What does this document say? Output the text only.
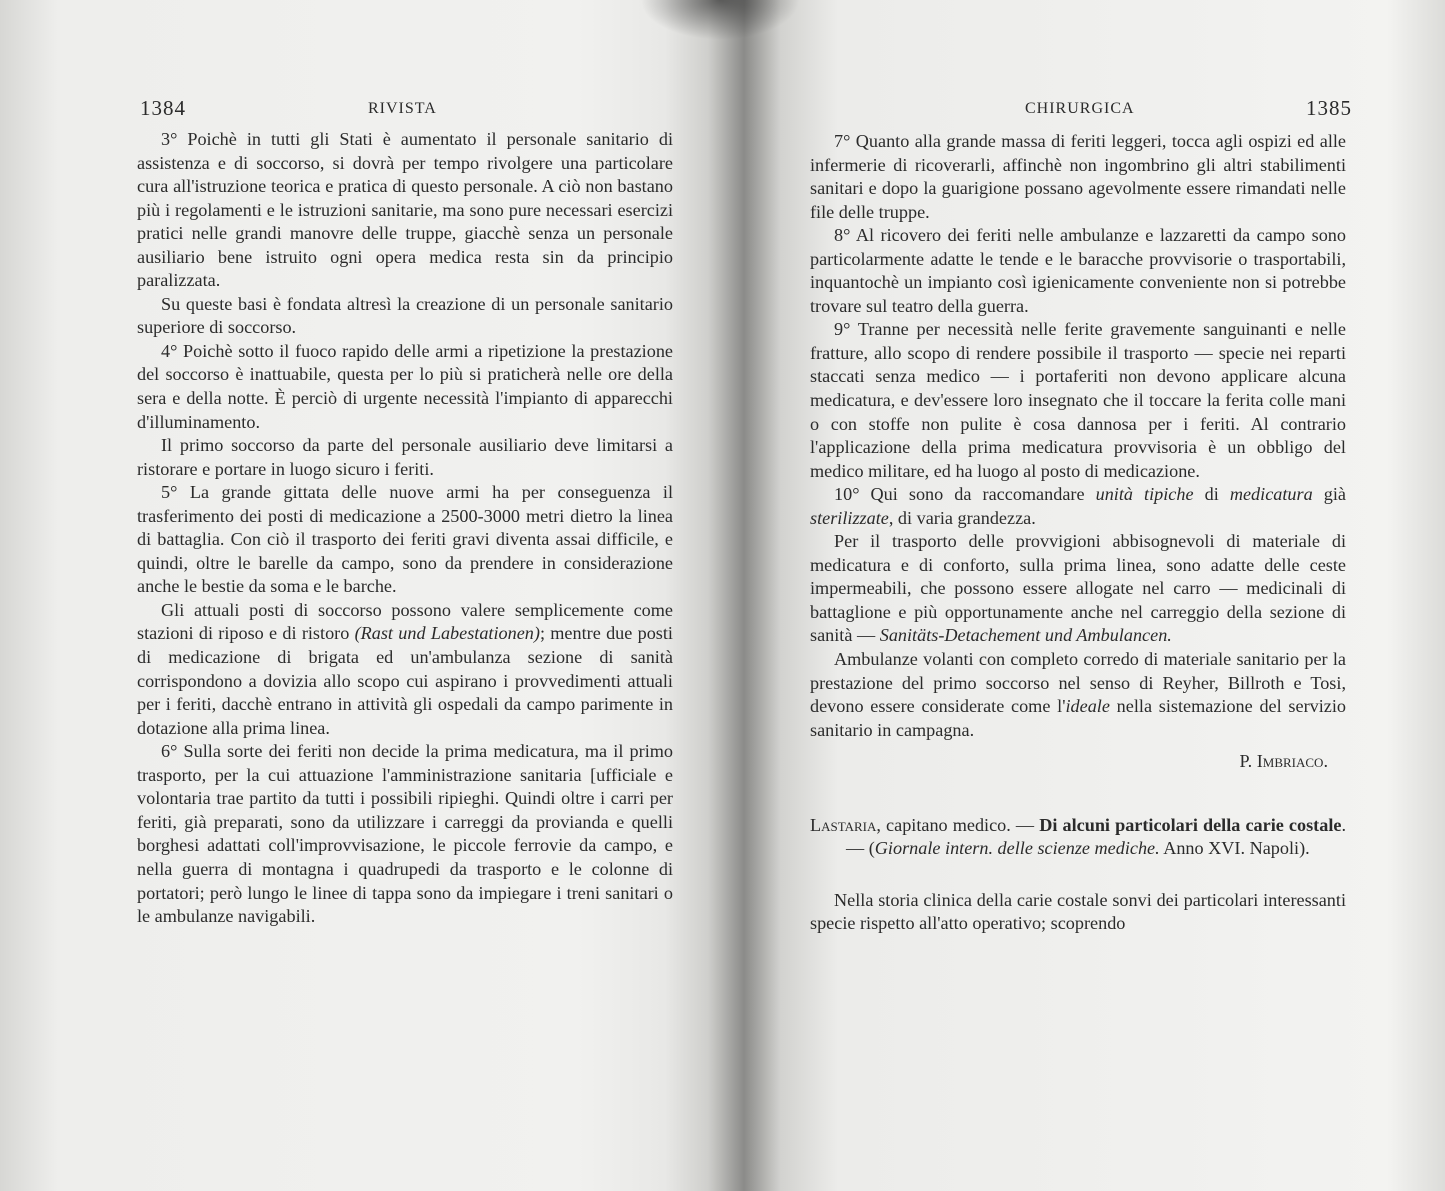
1384	RIVISTA

3° Poichè in tutti gli Stati è aumentato il personale sanitario di assistenza e di soccorso, si dovrà per tempo rivolgere una particolare cura all'istruzione teorica e pratica di questo personale. A ciò non bastano più i regolamenti e le istruzioni sanitarie, ma sono pure necessari esercizi pratici nelle grandi manovre delle truppe, giacchè senza un personale ausiliario bene istruito ogni opera medica resta sin da principio paralizzata.

Su queste basi è fondata altresì la creazione di un personale sanitario superiore di soccorso.

4° Poichè sotto il fuoco rapido delle armi a ripetizione la prestazione del soccorso è inattuabile, questa per lo più si praticherà nelle ore della sera e della notte. È perciò di urgente necessità l'impianto di apparecchi d'illuminamento.

Il primo soccorso da parte del personale ausiliario deve limitarsi a ristorare e portare in luogo sicuro i feriti.

5° La grande gittata delle nuove armi ha per conseguenza il trasferimento dei posti di medicazione a 2500-3000 metri dietro la linea di battaglia. Con ciò il trasporto dei feriti gravi diventa assai difficile, e quindi, oltre le barelle da campo, sono da prendere in considerazione anche le bestie da soma e le barche.

Gli attuali posti di soccorso possono valere semplicemente come stazioni di riposo e di ristoro (Rast und Labestationen); mentre due posti di medicazione di brigata ed un'ambulanza sezione di sanità corrispondono a dovizia allo scopo cui aspirano i provvedimenti attuali per i feriti, dacchè entrano in attività gli ospedali da campo parimente in dotazione alla prima linea.

6° Sulla sorte dei feriti non decide la prima medicatura, ma il primo trasporto, per la cui attuazione l'amministrazione sanitaria [ufficiale e volontaria trae partito da tutti i possibili ripieghi. Quindi oltre i carri per feriti, già preparati, sono da utilizzare i carreggi da provianda e quelli borghesi adattati coll'improvvisazione, le piccole ferrovie da campo, e nella guerra di montagna i quadrupedi da trasporto e le colonne di portatori; però lungo le linee di tappa sono da impiegare i treni sanitari o le ambulanze navigabili.

CHIRURGICA	1385

7° Quanto alla grande massa di feriti leggeri, tocca agli ospizi ed alle infermerie di ricoverarli, affinchè non ingombrino gli altri stabilimenti sanitari e dopo la guarigione possano agevolmente essere rimandati nelle file delle truppe.

8° Al ricovero dei feriti nelle ambulanze e lazzaretti da campo sono particolarmente adatte le tende e le baracche provvisorie o trasportabili, inquantochè un impianto così igienicamente conveniente non si potrebbe trovare sul teatro della guerra.

9° Tranne per necessità nelle ferite gravemente sanguinanti e nelle fratture, allo scopo di rendere possibile il trasporto — specie nei reparti staccati senza medico — i portaferiti non devono applicare alcuna medicatura, e dev'essere loro insegnato che il toccare la ferita colle mani o con stoffe non pulite è cosa dannosa per i feriti. Al contrario l'applicazione della prima medicatura provvisoria è un obbligo del medico militare, ed ha luogo al posto di medicazione.

10° Qui sono da raccomandare unità tipiche di medicatura già sterilizzate, di varia grandezza.

Per il trasporto delle provvigioni abbisognevoli di materiale di medicatura e di conforto, sulla prima linea, sono adatte delle ceste impermeabili, che possono essere allogate nel carro — medicinali di battaglione e più opportunamente anche nel carreggio della sezione di sanità — Sanitäts-Detachement und Ambulancen.

Ambulanze volanti con completo corredo di materiale sanitario per la prestazione del primo soccorso nel senso di Reyher, Billroth e Tosi, devono essere considerate come l'ideale nella sistemazione del servizio sanitario in campagna.

P. Imbriaco.

Lastaria, capitano medico. — Di alcuni particolari della carie costale. — (Giornale intern. delle scienze mediche. Anno XVI. Napoli).

Nella storia clinica della carie costale sonvi dei particolari interessanti specie rispetto all'atto operativo; scoprendo
